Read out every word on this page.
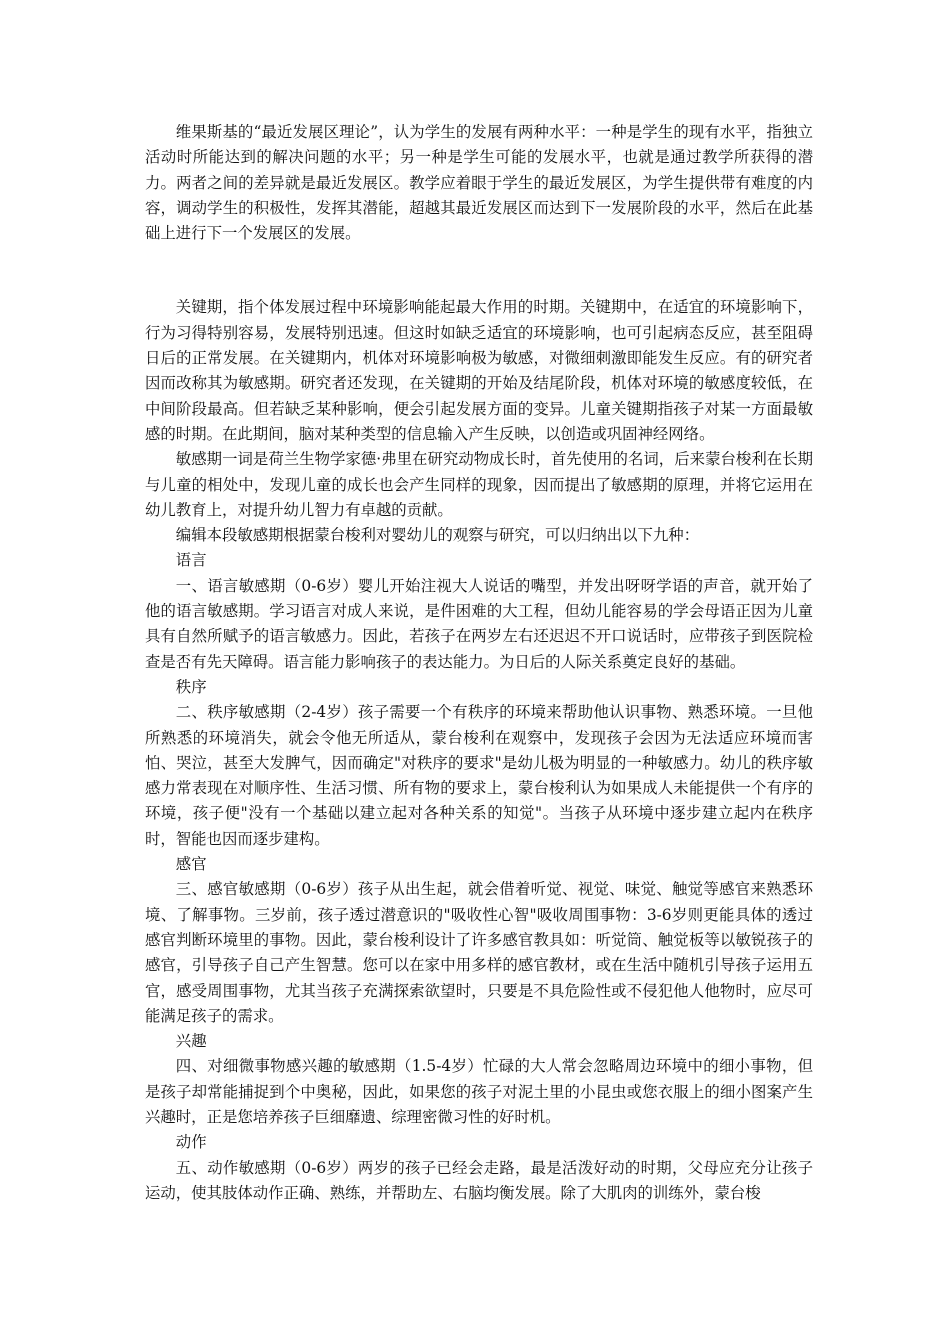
维果斯基的“最近发展区理论”，认为学生的发展有两种水平：一种是学生的现有水平，指独立活动时所能达到的解决问题的水平；另一种是学生可能的发展水平，也就是通过教学所获得的潜力。两者之间的差异就是最近发展区。教学应着眼于学生的最近发展区，为学生提供带有难度的内容，调动学生的积极性，发挥其潜能，超越其最近发展区而达到下一发展阶段的水平，然后在此基础上进行下一个发展区的发展。

关键期，指个体发展过程中环境影响能起最大作用的时期。关键期中，在适宜的环境影响下，行为习得特别容易，发展特别迅速。但这时如缺乏适宜的环境影响，也可引起病态反应，甚至阻碍日后的正常发展。在关键期内，机体对环境影响极为敏感，对微细刺激即能发生反应。有的研究者因而改称其为敏感期。研究者还发现，在关键期的开始及结尾阶段，机体对环境的敏感度较低，在中间阶段最高。但若缺乏某种影响，便会引起发展方面的变异。儿童关键期指孩子对某一方面最敏感的时期。在此期间，脑对某种类型的信息输入产生反映，以创造或巩固神经网络。

敏感期一词是荷兰生物学家德·弗里在研究动物成长时，首先使用的名词，后来蒙台梭利在长期与儿童的相处中，发现儿童的成长也会产生同样的现象，因而提出了敏感期的原理，并将它运用在幼儿教育上，对提升幼儿智力有卓越的贡献。

编辑本段敏感期根据蒙台梭利对婴幼儿的观察与研究，可以归纳出以下九种：

语言

一、语言敏感期（0-6岁）婴儿开始注视大人说话的嘴型，并发出呀呀学语的声音，就开始了他的语言敏感期。学习语言对成人来说，是件困难的大工程，但幼儿能容易的学会母语正因为儿童具有自然所赋予的语言敏感力。因此，若孩子在两岁左右还迟迟不开口说话时，应带孩子到医院检查是否有先天障碍。语言能力影响孩子的表达能力。为日后的人际关系奠定良好的基础。

秩序

二、秩序敏感期（2-4岁）孩子需要一个有秩序的环境来帮助他认识事物、熟悉环境。一旦他所熟悉的环境消失，就会令他无所适从，蒙台梭利在观察中，发现孩子会因为无法适应环境而害怕、哭泣，甚至大发脾气，因而确定"对秩序的要求"是幼儿极为明显的一种敏感力。幼儿的秩序敏感力常表现在对顺序性、生活习惯、所有物的要求上，蒙台梭利认为如果成人未能提供一个有序的环境，孩子便"没有一个基础以建立起对各种关系的知觉"。当孩子从环境中逐步建立起内在秩序时，智能也因而逐步建构。

感官

三、感官敏感期（0-6岁）孩子从出生起，就会借着听觉、视觉、味觉、触觉等感官来熟悉环境、了解事物。三岁前，孩子透过潜意识的"吸收性心智"吸收周围事物：3-6岁则更能具体的透过感官判断环境里的事物。因此，蒙台梭利设计了许多感官教具如：听觉筒、触觉板等以敏锐孩子的感官，引导孩子自己产生智慧。您可以在家中用多样的感官教材，或在生活中随机引导孩子运用五官，感受周围事物，尤其当孩子充满探索欲望时，只要是不具危险性或不侵犯他人他物时，应尽可能满足孩子的需求。

兴趣

四、对细微事物感兴趣的敏感期（1.5-4岁）忙碌的大人常会忽略周边环境中的细小事物，但是孩子却常能捕捉到个中奥秘，因此，如果您的孩子对泥土里的小昆虫或您衣服上的细小图案产生兴趣时，正是您培养孩子巨细靡遗、综理密微习性的好时机。

动作

五、动作敏感期（0-6岁）两岁的孩子已经会走路，最是活泼好动的时期，父母应充分让孩子运动，使其肢体动作正确、熟练，并帮助左、右脑均衡发展。除了大肌肉的训练外，蒙台梭
